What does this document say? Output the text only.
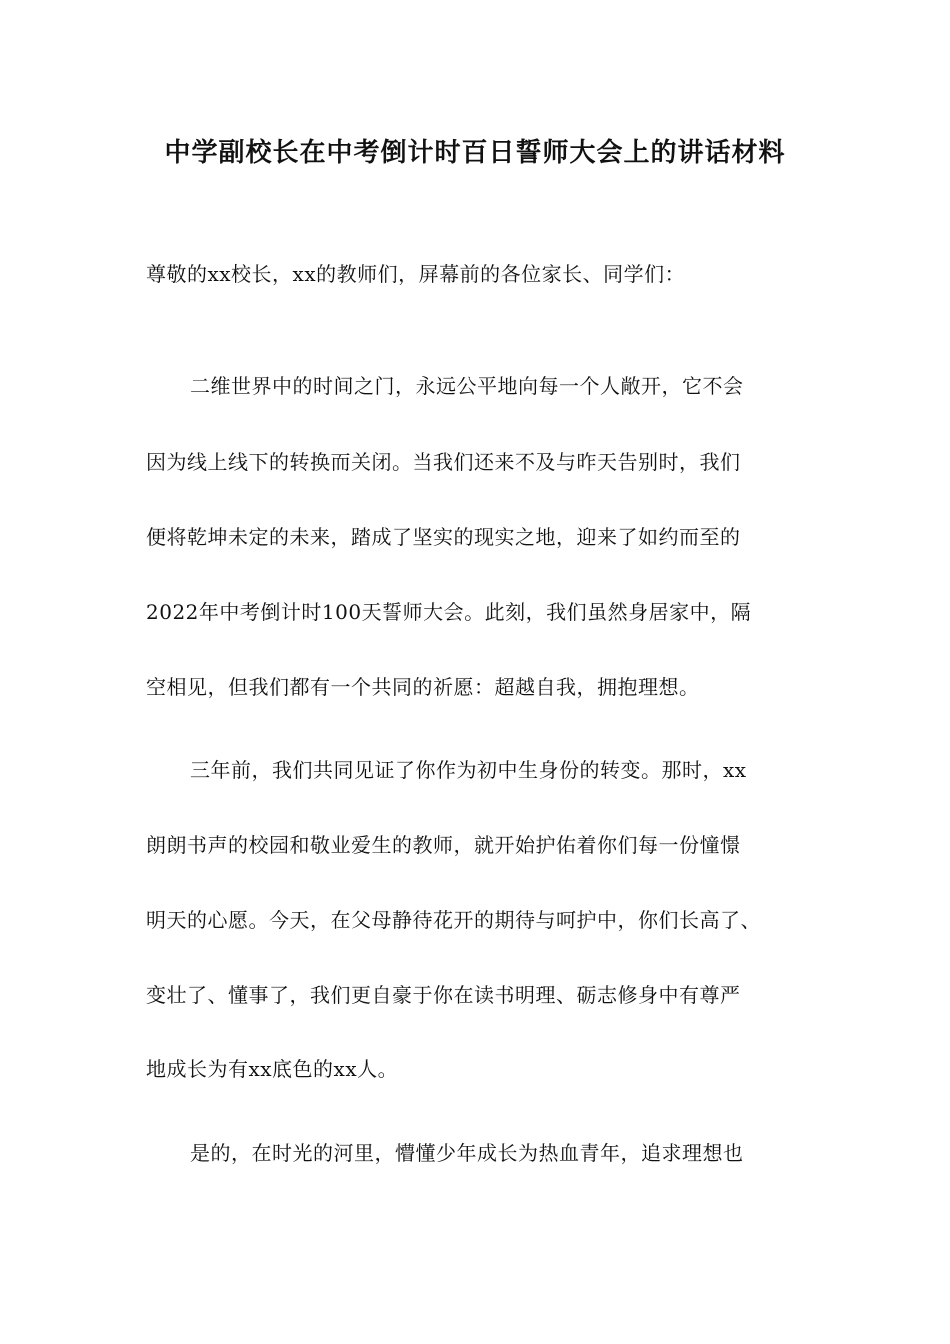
中学副校长在中考倒计时百日誓师大会上的讲话材料
尊敬的xx校长，xx的教师们，屏幕前的各位家长、同学们：
二维世界中的时间之门，永远公平地向每一个人敞开，它不会
因为线上线下的转换而关闭。当我们还来不及与昨天告别时，我们
便将乾坤未定的未来，踏成了坚实的现实之地，迎来了如约而至的
2022年中考倒计时100天誓师大会。此刻，我们虽然身居家中，隔
空相见，但我们都有一个共同的祈愿：超越自我，拥抱理想。
三年前，我们共同见证了你作为初中生身份的转变。那时，xx
朗朗书声的校园和敬业爱生的教师，就开始护佑着你们每一份憧憬
明天的心愿。今天，在父母静待花开的期待与呵护中，你们长高了、
变壮了、懂事了，我们更自豪于你在读书明理、砺志修身中有尊严
地成长为有xx底色的xx人。
是的，在时光的河里，懵懂少年成长为热血青年，追求理想也
